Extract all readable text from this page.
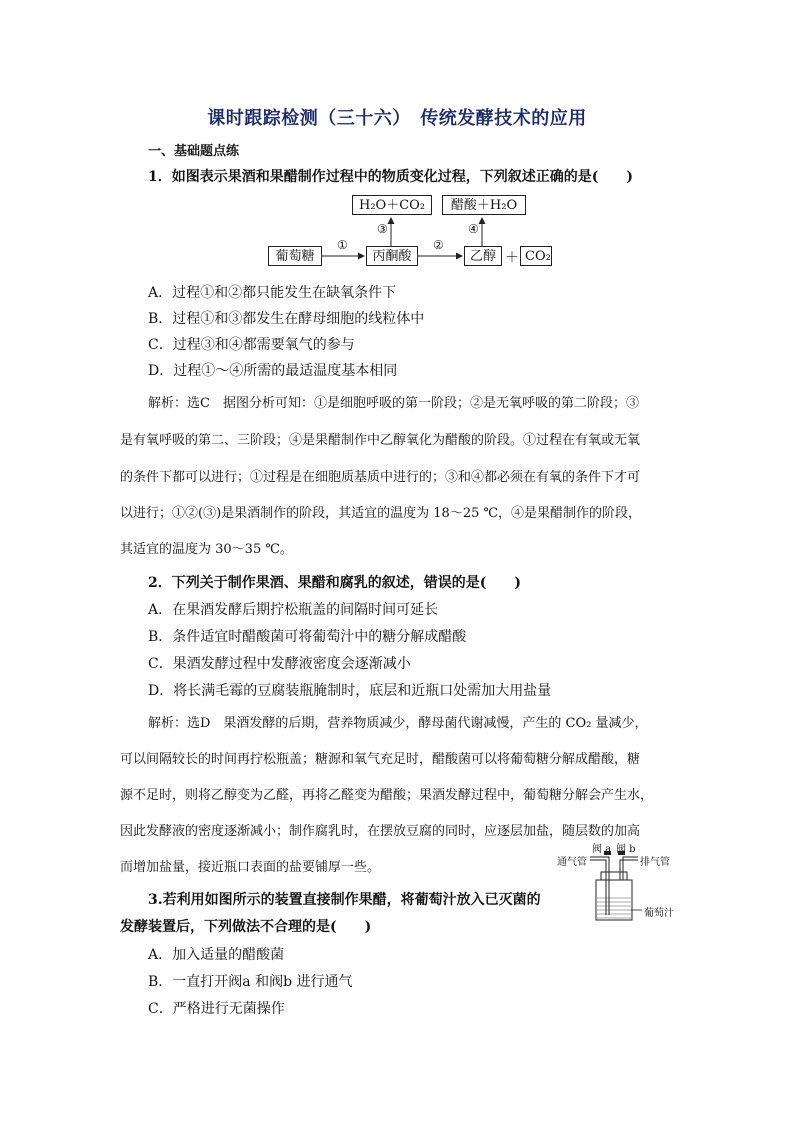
课时跟踪检测（三十六）　传统发酵技术的应用
一、基础题点练
1．如图表示果酒和果醋制作过程中的物质变化过程，下列叙述正确的是(　　)
H₂O＋CO₂	醋酸＋H₂O
③	④
①	②
葡萄糖	丙酮酸	乙醇 ＋ CO₂
A．过程①和②都只能发生在缺氧条件下
B．过程①和③都发生在酵母细胞的线粒体中
C．过程③和④都需要氧气的参与
D．过程①～④所需的最适温度基本相同
解析：选C　据图分析可知：①是细胞呼吸的第一阶段；②是无氧呼吸的第二阶段；③
是有氧呼吸的第二、三阶段；④是果醋制作中乙醇氧化为醋酸的阶段。①过程在有氧或无氧
的条件下都可以进行；①过程是在细胞质基质中进行的；③和④都必须在有氧的条件下才可
以进行；①②(③)是果酒制作的阶段，其适宜的温度为 18～25 ℃，④是果醋制作的阶段，
其适宜的温度为 30～35 ℃。
2．下列关于制作果酒、果醋和腐乳的叙述，错误的是(　　)
A．在果酒发酵后期拧松瓶盖的间隔时间可延长
B．条件适宜时醋酸菌可将葡萄汁中的糖分解成醋酸
C．果酒发酵过程中发酵液密度会逐渐减小
D．将长满毛霉的豆腐装瓶腌制时，底层和近瓶口处需加大用盐量
解析：选D　果酒发酵的后期，营养物质减少，酵母菌代谢减慢，产生的 CO₂ 量减少，
可以间隔较长的时间再拧松瓶盖；糖源和氧气充足时，醋酸菌可以将葡萄糖分解成醋酸，糖
源不足时，则将乙醇变为乙醛，再将乙醛变为醋酸；果酒发酵过程中，葡萄糖分解会产生水，
因此发酵液的密度逐渐减小；制作腐乳时，在摆放豆腐的同时，应逐层加盐，随层数的加高
而增加盐量，接近瓶口表面的盐要铺厚一些。
3.若利用如图所示的装置直接制作果醋，将葡萄汁放入已灭菌的
发酵装置后，下列做法不合理的是(　　)
阀 a 阀 b
通气管	排气管
葡萄汁
A．加入适量的醋酸菌
B．一直打开阀a 和阀b 进行通气
C．严格进行无菌操作
